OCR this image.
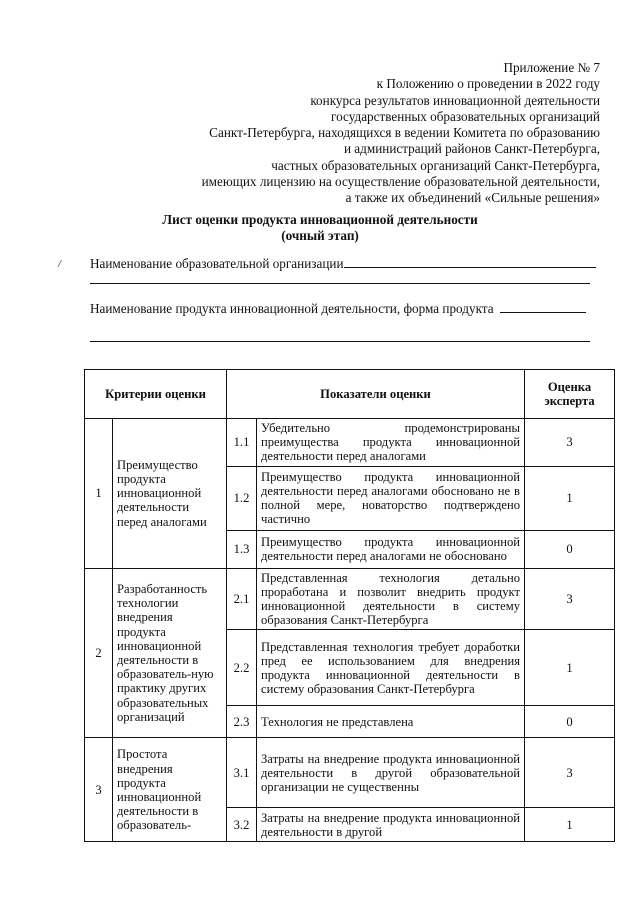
Приложение № 7
к Положению о проведении в 2022 году
конкурса результатов инновационной деятельности
государственных образовательных организаций
Санкт-Петербурга, находящихся в ведении Комитета по образованию
и администраций районов Санкт-Петербурга,
частных образовательных организаций Санкт-Петербурга,
имеющих лицензию на осуществление образовательной деятельности,
а также их объединений «Сильные решения»
Лист оценки продукта инновационной деятельности
(очный этап)
/ Наименование образовательной организации
Наименование продукта инновационной деятельности, форма продукта
Критерии оценки		Показатели оценки		Оценка эксперта
1	Преимущество продукта инновационной деятельности перед аналогами	1.1	Убедительно продемонстрированы преимущества продукта инновационной деятельности перед аналогами	3
		1.2	Преимущество продукта инновационной деятельности перед аналогами обосновано не в полной мере, новаторство подтверждено частично	1
		1.3	Преимущество продукта инновационной деятельности перед аналогами не обосновано	0
2	Разработанность технологии внедрения продукта инновационной деятельности в образователь-ную практику других образовательных организаций	2.1	Представленная технология детально проработана и позволит внедрить продукт инновационной деятельности в систему образования Санкт-Петербурга	3
		2.2	Представленная технология требует доработки пред ее использованием для внедрения продукта инновационной деятельности в систему образования Санкт-Петербурга	1
		2.3	Технология не представлена	0
3	Простота внедрения продукта инновационной деятельности в образователь-	3.1	Затраты на внедрение продукта инновационной деятельности в другой образовательной организации не существенны	3
		3.2	Затраты на внедрение продукта инновационной деятельности в другой	1
